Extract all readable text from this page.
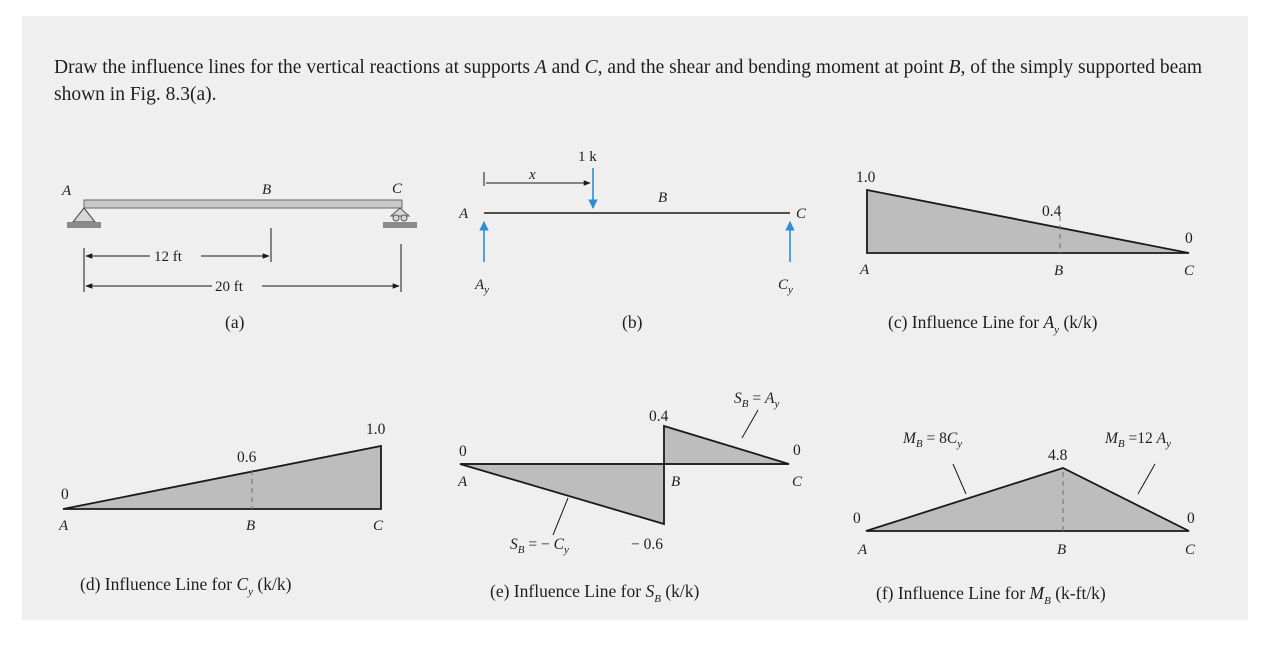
Draw the influence lines for the vertical reactions at supports A and C, and the shear and bending moment at point B, of the simply supported beam shown in Fig. 8.3(a).

A	B	C
12 ft
20 ft
(a)
x
1 k
A
B
C
$A_y$	$C_y$
(b)
1.0
0.4
0
A	B	C
(c) Influence Line for $A_y$ (k/k)
0
0.6
1.0
A	B	C
(d) Influence Line for $C_y$ (k/k)
0
0.4
− 0.6
0
A	B	C
$S_B = A_y$
$S_B$ = − $C_y$
(e) Influence Line for $S_B$ (k/k)
0
4.8
0
A	B	C
$M_B = 8C_y$	$M_B =12$ $A_y$
(f) Influence Line for $M_B$ (k-ft/k)
